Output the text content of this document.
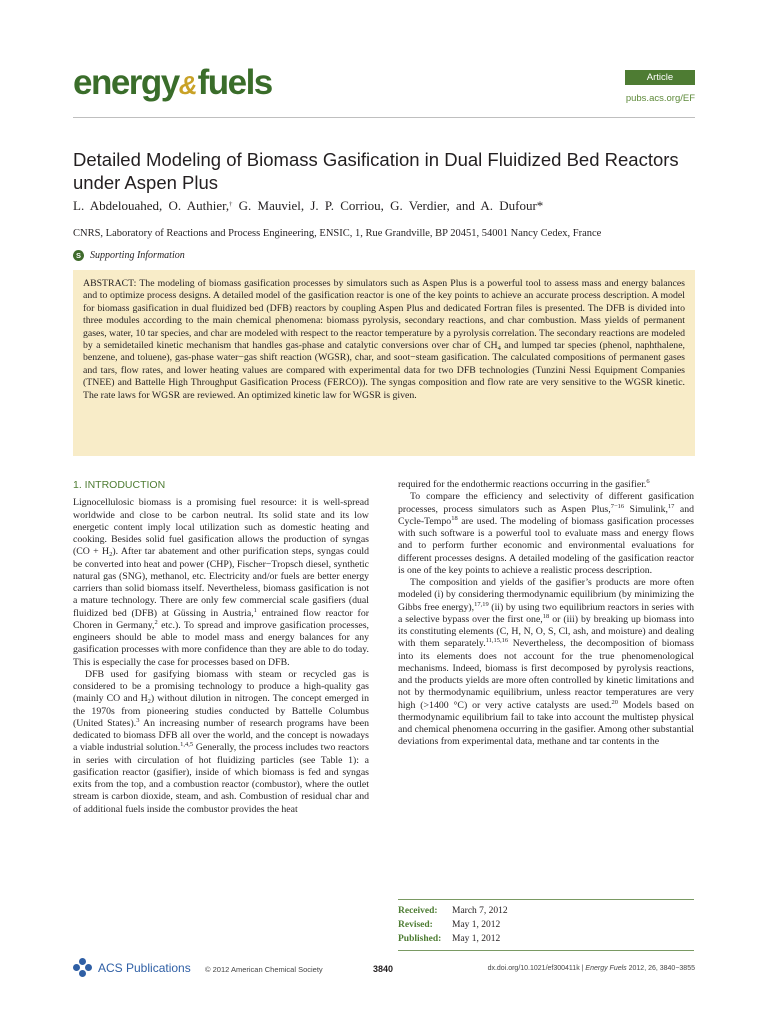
energy&fuels	Article
pubs.acs.org/EF
Detailed Modeling of Biomass Gasification in Dual Fluidized Bed Reactors under Aspen Plus
L. Abdelouahed, O. Authier,† G. Mauviel, J. P. Corriou, G. Verdier, and A. Dufour*
CNRS, Laboratory of Reactions and Process Engineering, ENSIC, 1, Rue Grandville, BP 20451, 54001 Nancy Cedex, France
S Supporting Information

ABSTRACT: The modeling of biomass gasification processes by simulators such as Aspen Plus is a powerful tool to assess mass and energy balances and to optimize process designs. A detailed model of the gasification reactor is one of the key points to achieve an accurate process description. A model for biomass gasification in dual fluidized bed (DFB) reactors by coupling Aspen Plus and dedicated Fortran files is presented. The DFB is divided into three modules according to the main chemical phenomena: biomass pyrolysis, secondary reactions, and char combustion. Mass yields of permanent gases, water, 10 tar species, and char are modeled with respect to the reactor temperature by a pyrolysis correlation. The secondary reactions are modeled by a semidetailed kinetic mechanism that handles gas-phase and catalytic conversions over char of $CH_4$ and lumped tar species (phenol, naphthalene, benzene, and toluene), gas-phase water−gas shift reaction (WGSR), char, and soot−steam gasification. The calculated compositions of permanent gases and tars, flow rates, and lower heating values are compared with experimental data for two DFB technologies (Tunzini Nessi Equipment Companies (TNEE) and Battelle High Throughput Gasification Process (FERCO)). The syngas composition and flow rate are very sensitive to the WGSR kinetic. The rate laws for WGSR are reviewed. An optimized kinetic law for WGSR is given.

1. INTRODUCTION

Lignocellulosic biomass is a promising fuel resource: it is well-spread worldwide and close to be carbon neutral. Its solid state and its low energetic content imply local utilization such as domestic heating and cooking. Besides solid fuel gasification allows the production of syngas $(CO + H_2)$. After tar abatement and other purification steps, syngas could be converted into heat and power (CHP), Fischer−Tropsch diesel, synthetic natural gas (SNG), methanol, etc. Electricity and/or fuels are better energy carriers than solid biomass itself. Nevertheless, biomass gasification is not a mature technology. There are only few commercial scale gasifiers (dual fluidized bed (DFB) at Güssing in Austria,$^1$ entrained flow reactor for Choren in Germany,$^2$ etc.). To spread and improve gasification processes, engineers should be able to model mass and energy balances for any gasification processes with more confidence than they are able to do today. This is especially the case for processes based on DFB.

DFB used for gasifying biomass with steam or recycled gas is considered to be a promising technology to produce a high-quality gas (mainly CO and $H_2$) without dilution in nitrogen. The concept emerged in the 1970s from pioneering studies conducted by Battelle Columbus (United States).$^3$ An increasing number of research programs have been dedicated to biomass DFB all over the world, and the concept is nowadays a viable industrial solution.$^{1,4,5}$ Generally, the process includes two reactors in series with circulation of hot fluidizing particles (see Table 1): a gasification reactor (gasifier), inside of which biomass is fed and syngas exits from the top, and a combustion reactor (combustor), where the outlet stream is carbon dioxide, steam, and ash. Combustion of residual char and of additional fuels inside the combustor provides the heat

required for the endothermic reactions occurring in the gasifier.$^6$

To compare the efficiency and selectivity of different gasification processes, process simulators such as Aspen Plus,$^{7-16}$ Simulink,$^{17}$ and Cycle-Tempo$^{18}$ are used. The modeling of biomass gasification processes with such software is a powerful tool to evaluate mass and energy flows and to perform further economic and environmental evaluations for different processes designs. A detailed modeling of the gasification reactor is one of the key points to achieve a realistic process description.

The composition and yields of the gasifier’s products are more often modeled (i) by considering thermodynamic equilibrium (by minimizing the Gibbs free energy),$^{17,19}$ (ii) by using two equilibrium reactors in series with a selective bypass over the first one,$^{18}$ or (iii) by breaking up biomass into its constituting elements (C, H, N, O, S, Cl, ash, and moisture) and dealing with them separately.$^{11,15,16}$ Nevertheless, the decomposition of biomass into its elements does not account for the true phenomenological mechanisms. Indeed, biomass is first decomposed by pyrolysis reactions, and the products yields are more often controlled by kinetic limitations and not by thermodynamic equilibrium, unless reactor temperatures are very high (>1400 °C) or very active catalysts are used.$^{20}$ Models based on thermodynamic equilibrium fail to take into account the multistep physical and chemical phenomena occurring in the gasifier. Among other substantial deviations from experimental data, methane and tar contents in the

Received:	March 7, 2012
Revised:	May 1, 2012
Published:	May 1, 2012
ACS Publications © 2012 American Chemical Society	3840	dx.doi.org/10.1021/ef300411k | Energy Fuels 2012, 26, 3840−3855
